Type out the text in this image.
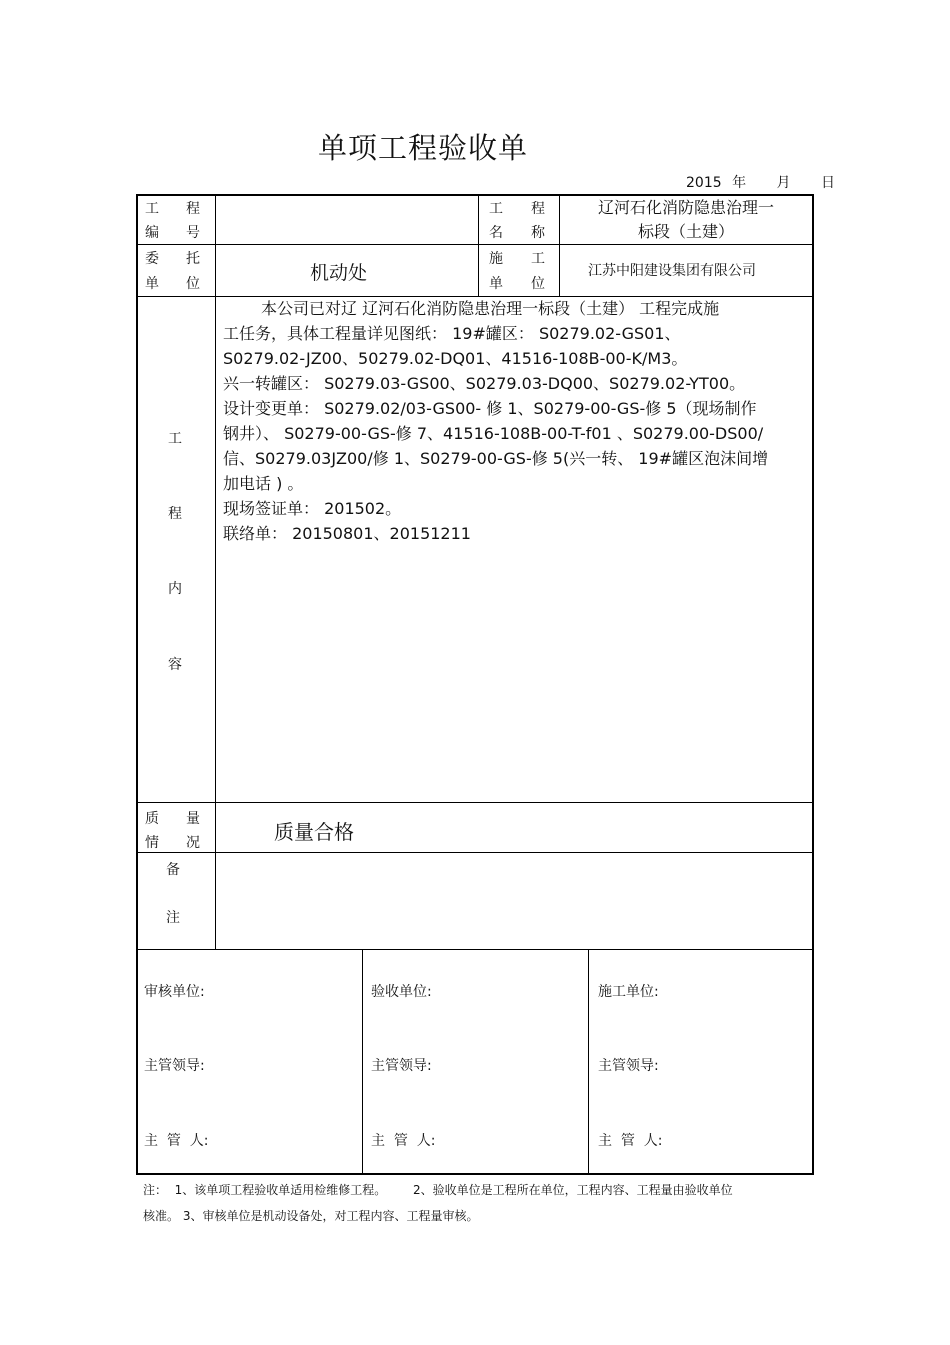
单项工程验收单
2015 年 月 日
工 程
编 号
工 程
名 称
辽河石化消防隐患治理一
标段（土建）
委 托
单 位	机动处
施 工
单 位
江苏中阳建设集团有限公司
工
程
内
容

本公司已对辽 辽河石化消防隐患治理一标段（土建） 工程完成施

工任务，具体工程量详见图纸： 19#罐区： S0279.02-GS01、

S0279.02-JZ00、50279.02-DQ01、41516-108B-00-K/M3。

兴一转罐区： S0279.03-GS00、S0279.03-DQ00、S0279.02-YT00。

设计变更单： S0279.02/03-GS00- 修 1、S0279-00-GS-修 5（现场制作

钢井）、 S0279-00-GS-修 7、41516-108B-00-T-f01 、S0279.00-DS00/

信、S0279.03JZ00/修 1、S0279-00-GS-修 5(兴一转、 19#罐区泡沫间增

加电话 ) 。

现场签证单： 201502。

联络单： 20150801、20151211

质 量
情 况	质量合格
备
注
审核单位:
主管领导:
主  管  人:
验收单位:
主管领导:
主  管  人:
施工单位:
主管领导:
主  管  人:
注：  1、该单项工程验收单适用检维修工程。       2、验收单位是工程所在单位，工程内容、工程量由验收单位
核准。 3、审核单位是机动设备处，对工程内容、工程量审核。
